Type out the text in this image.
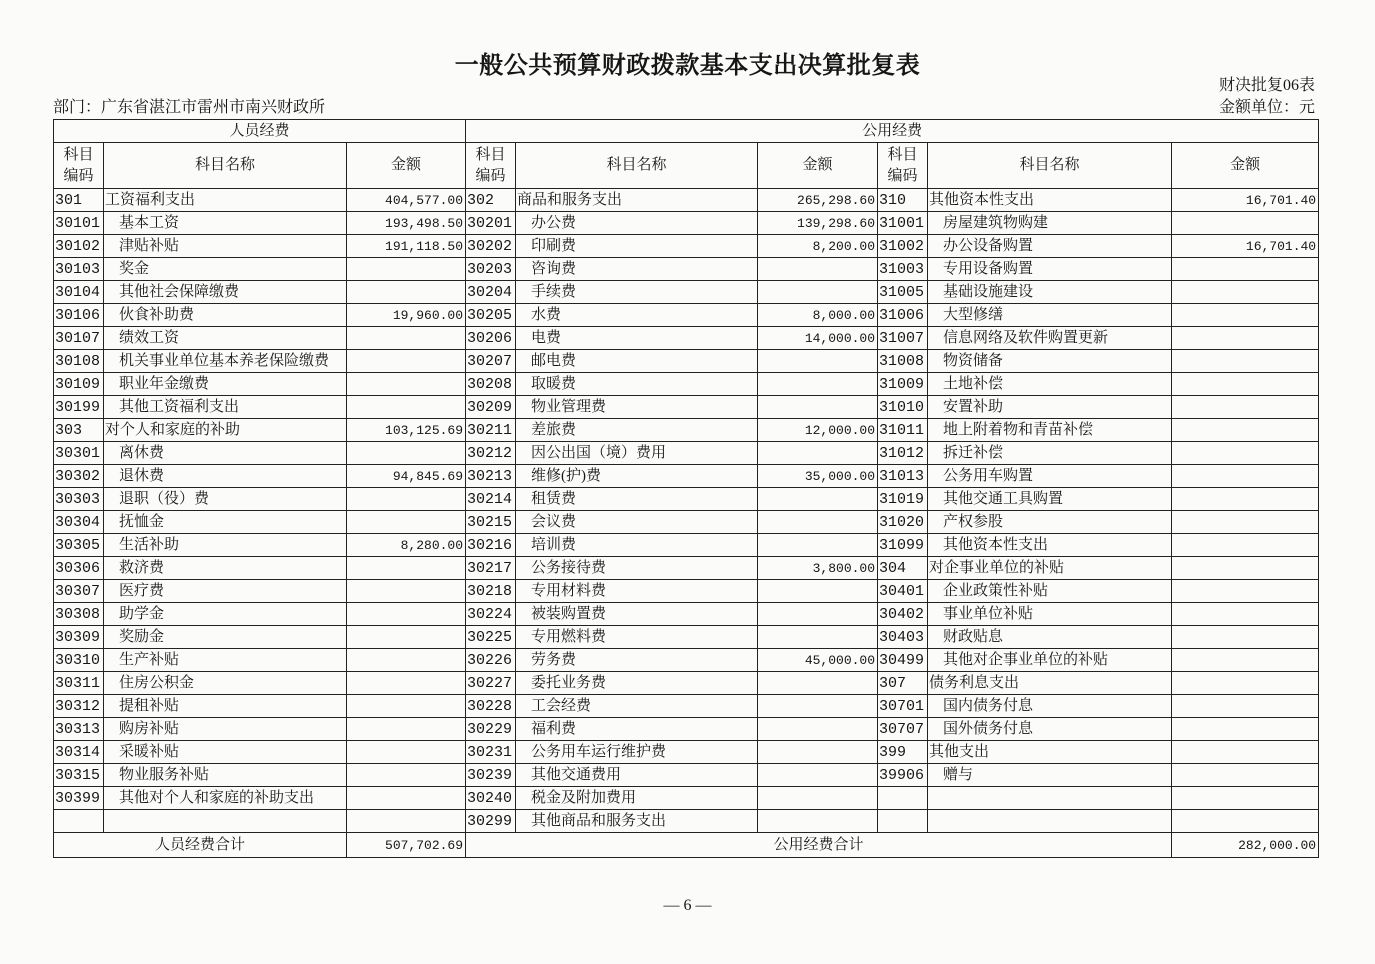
一般公共预算财政拨款基本支出决算批复表
财决批复06表
部门：广东省湛江市雷州市南兴财政所	金额单位：元
人员经费			公用经费					
科目
编码	科目名称	金额	科目
编码	科目名称	金额	科目
编码	科目名称	金额
301	工资福利支出	404,577.00	302	商品和服务支出	265,298.60	310	其他资本性支出	16,701.40
30101	基本工资	193,498.50	30201	办公费	139,298.60	31001	房屋建筑物购建	
30102	津贴补贴	191,118.50	30202	印刷费	8,200.00	31002	办公设备购置	16,701.40
30103	奖金		30203	咨询费		31003	专用设备购置	
30104	其他社会保障缴费		30204	手续费		31005	基础设施建设	
30106	伙食补助费	19,960.00	30205	水费	8,000.00	31006	大型修缮	
30107	绩效工资		30206	电费	14,000.00	31007	信息网络及软件购置更新	
30108	机关事业单位基本养老保险缴费		30207	邮电费		31008	物资储备	
30109	职业年金缴费		30208	取暖费		31009	土地补偿	
30199	其他工资福利支出		30209	物业管理费		31010	安置补助	
303	对个人和家庭的补助	103,125.69	30211	差旅费	12,000.00	31011	地上附着物和青苗补偿	
30301	离休费		30212	因公出国（境）费用		31012	拆迁补偿	
30302	退休费	94,845.69	30213	维修(护)费	35,000.00	31013	公务用车购置	
30303	退职（役）费		30214	租赁费		31019	其他交通工具购置	
30304	抚恤金		30215	会议费		31020	产权参股	
30305	生活补助	8,280.00	30216	培训费		31099	其他资本性支出	
30306	救济费		30217	公务接待费	3,800.00	304	对企事业单位的补贴	
30307	医疗费		30218	专用材料费		30401	企业政策性补贴	
30308	助学金		30224	被装购置费		30402	事业单位补贴	
30309	奖励金		30225	专用燃料费		30403	财政贴息	
30310	生产补贴		30226	劳务费	45,000.00	30499	其他对企事业单位的补贴	
30311	住房公积金		30227	委托业务费		307	债务利息支出	
30312	提租补贴		30228	工会经费		30701	国内债务付息	
30313	购房补贴		30229	福利费		30707	国外债务付息	
30314	采暖补贴		30231	公务用车运行维护费		399	其他支出	
30315	物业服务补贴		30239	其他交通费用		39906	赠与	
30399	其他对个人和家庭的补助支出		30240	税金及附加费用				
			30299	其他商品和服务支出				
人员经费合计		507,702.69	公用经费合计					282,000.00
— 6 —
